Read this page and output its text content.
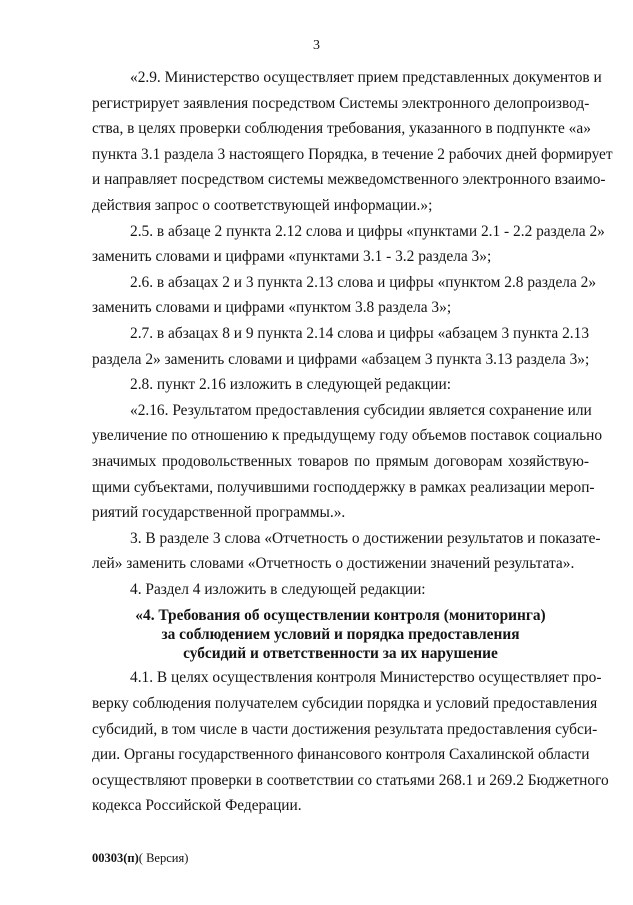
3
«2.9. Министерство осуществляет прием представленных документов и
регистрирует заявления посредством Системы электронного делопроизвод-
ства, в целях проверки соблюдения требования, указанного в подпункте «а»
пункта 3.1 раздела 3 настоящего Порядка, в течение 2 рабочих дней формирует
и направляет посредством системы межведомственного электронного взаимо-
действия запрос о соответствующей информации.»;
2.5. в абзаце 2 пункта 2.12 слова и цифры «пунктами 2.1 - 2.2 раздела 2»
заменить словами и цифрами «пунктами 3.1 - 3.2 раздела 3»;
2.6. в абзацах 2 и 3 пункта 2.13 слова и цифры «пунктом 2.8 раздела 2»
заменить словами и цифрами «пунктом 3.8 раздела 3»;
2.7. в абзацах 8 и 9 пункта 2.14 слова и цифры «абзацем 3 пункта 2.13
раздела 2» заменить словами и цифрами «абзацем 3 пункта 3.13 раздела 3»;
2.8. пункт 2.16 изложить в следующей редакции:
«2.16. Результатом предоставления субсидии является сохранение или
увеличение по отношению к предыдущему году объемов поставок социально
значимых продовольственных товаров по прямым договорам хозяйствую-
щими субъектами, получившими господдержку в рамках реализации мероп-
риятий государственной программы.».
3. В разделе 3 слова «Отчетность о достижении результатов и показате-
лей» заменить словами «Отчетность о достижении значений результата».
4. Раздел 4 изложить в следующей редакции:
«4. Требования об осуществлении контроля (мониторинга)
за соблюдением условий и порядка предоставления
субсидий и ответственности за их нарушение
4.1. В целях осуществления контроля Министерство осуществляет про-
верку соблюдения получателем субсидии порядка и условий предоставления
субсидий, в том числе в части достижения результата предоставления субси-
дии. Органы государственного финансового контроля Сахалинской области
осуществляют проверки в соответствии со статьями 268.1 и 269.2 Бюджетного
кодекса Российской Федерации.
00303(п)( Версия)
